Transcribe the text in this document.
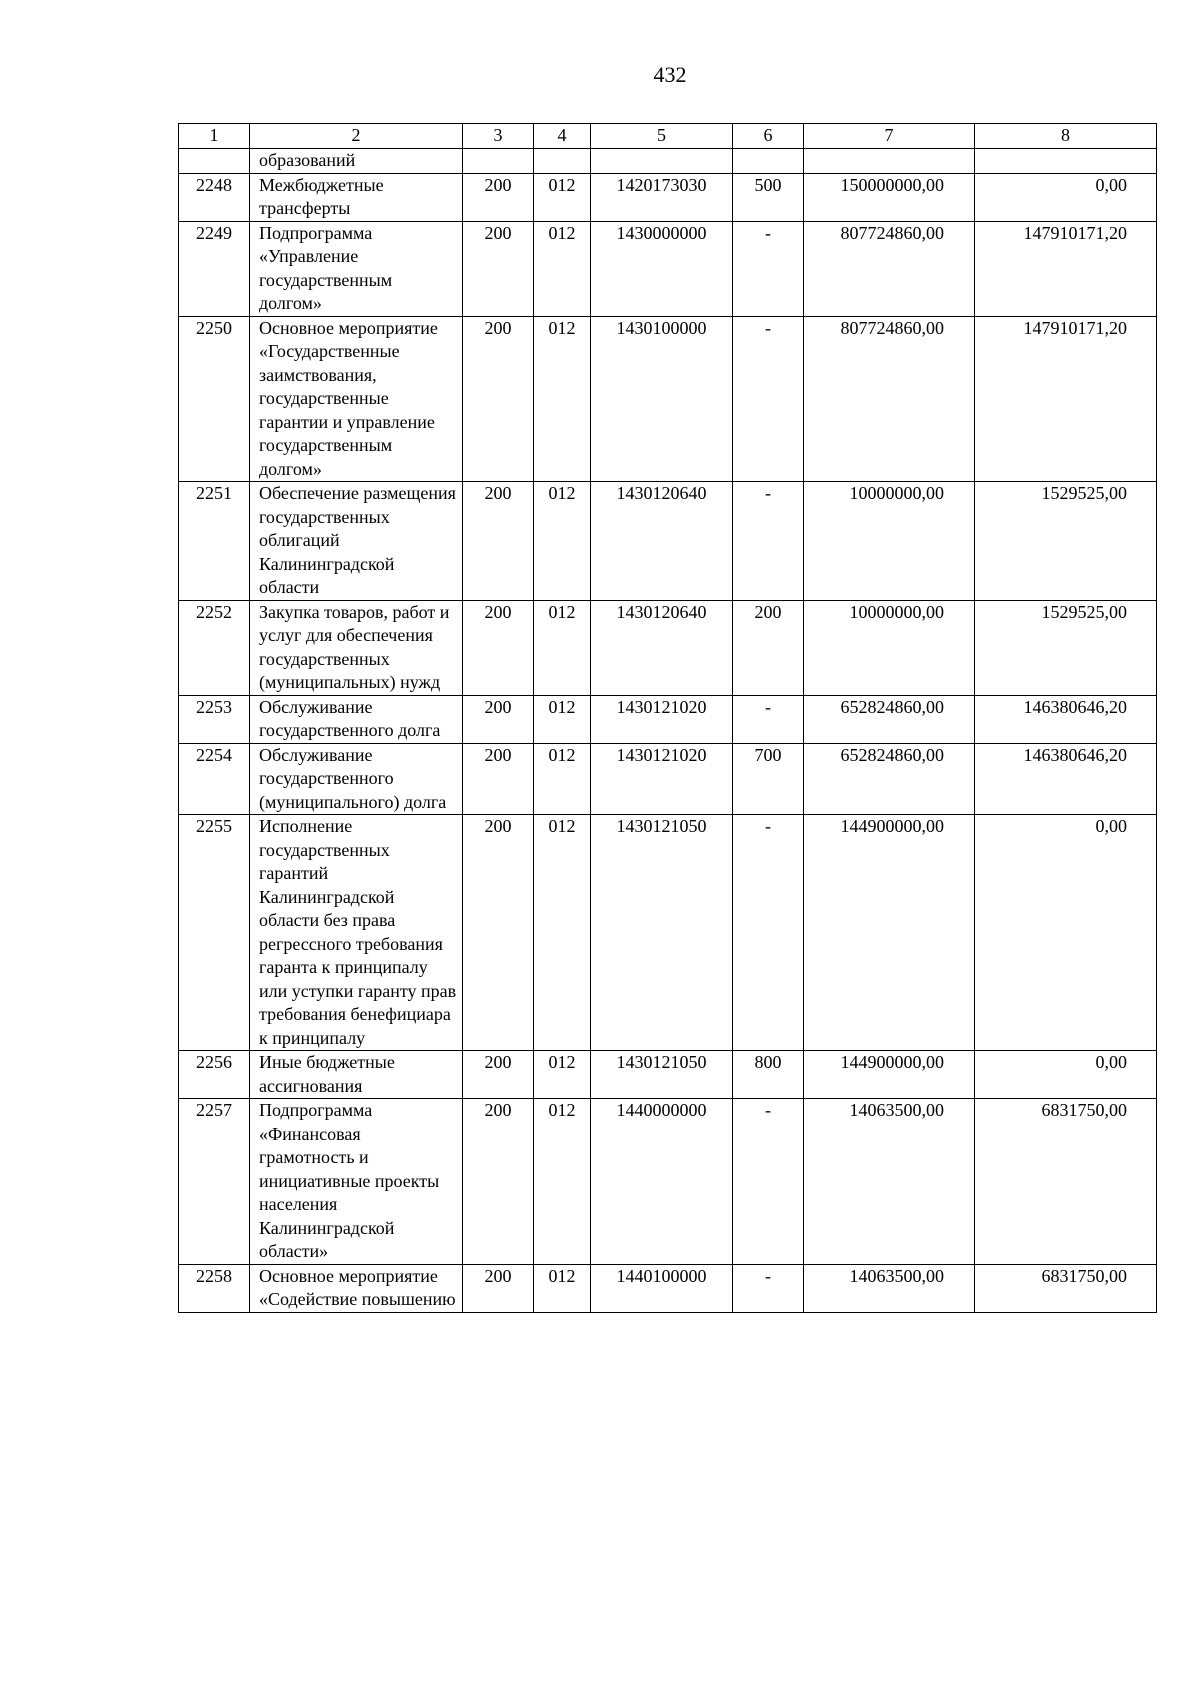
432
1	2	3	4	5	6	7	8
	образований						
2248	Межбюджетные трансферты	200	012	1420173030	500	150000000,00	0,00
2249	Подпрограмма «Управление государственным долгом»	200	012	1430000000	-	807724860,00	147910171,20
2250	Основное мероприятие «Государственные заимствования, государственные гарантии и управление государственным долгом»	200	012	1430100000	-	807724860,00	147910171,20
2251	Обеспечение размещения государственных облигаций Калининградской области	200	012	1430120640	-	10000000,00	1529525,00
2252	Закупка товаров, работ и услуг для обеспечения государственных (муниципальных) нужд	200	012	1430120640	200	10000000,00	1529525,00
2253	Обслуживание государственного долга	200	012	1430121020	-	652824860,00	146380646,20
2254	Обслуживание государственного (муниципального) долга	200	012	1430121020	700	652824860,00	146380646,20
2255	Исполнение государственных гарантий Калининградской области без права регрессного требования гаранта к принципалу или уступки гаранту прав требования бенефициара к принципалу	200	012	1430121050	-	144900000,00	0,00
2256	Иные бюджетные ассигнования	200	012	1430121050	800	144900000,00	0,00
2257	Подпрограмма «Финансовая грамотность и инициативные проекты населения Калининградской области»	200	012	1440000000	-	14063500,00	6831750,00
2258	Основное мероприятие «Содействие повышению	200	012	1440100000	-	14063500,00	6831750,00
